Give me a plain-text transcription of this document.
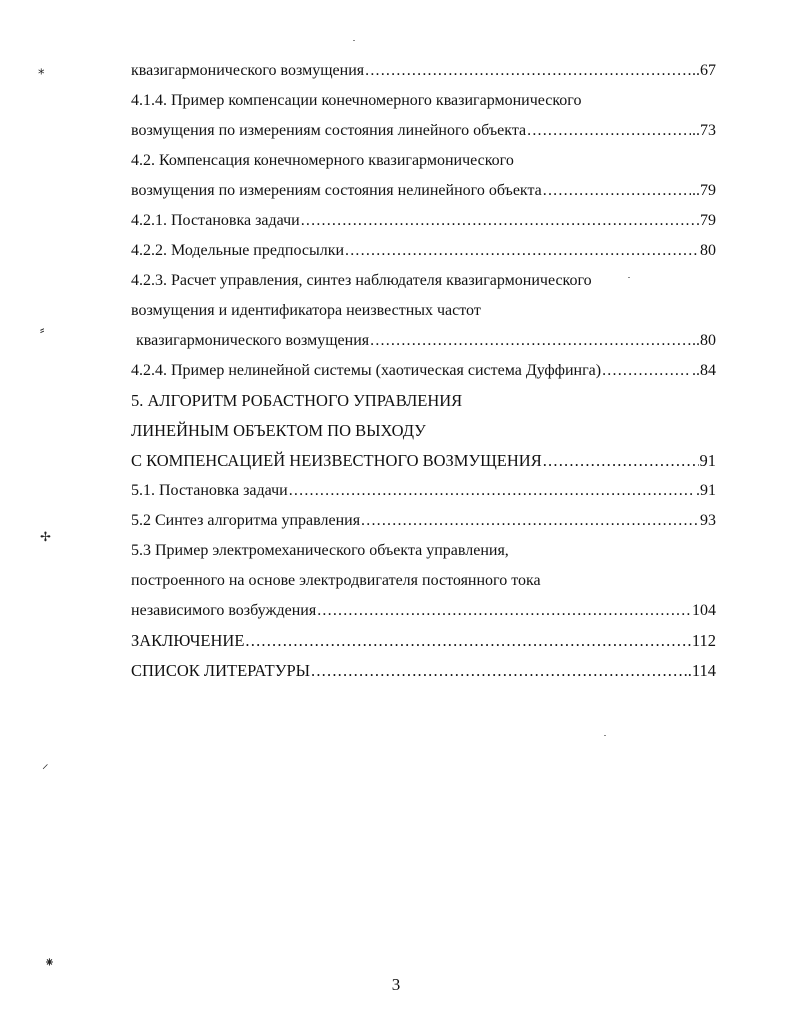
квазигармонического возмущения .....	..67
4.1.4. Пример компенсации конечномерного квазигармонического
возмущения по измерениям состояния линейного объекта .....	..73
4.2. Компенсация конечномерного квазигармонического
возмущения по измерениям состояния нелинейного объекта .....	..79
4.2.1. Постановка задачи .....	.79
4.2.2. Модельные предпосылки .....	80
4.2.3. Расчет управления, синтез наблюдателя квазигармонического
возмущения и идентификатора неизвестных частот
квазигармонического возмущения .....	..80
4.2.4. Пример нелинейной системы (хаотическая система Дуффинга) .....	..84
5. АЛГОРИТМ РОБАСТНОГО УПРАВЛЕНИЯ
ЛИНЕЙНЫМ ОБЪЕКТОМ ПО ВЫХОДУ
С КОМПЕНСАЦИЕЙ НЕИЗВЕСТНОГО ВОЗМУЩЕНИЯ .....	91
5.1. Постановка задачи .....	.91
5.2 Синтез алгоритма управления .....	93
5.3 Пример электромеханического объекта управления,
построенного на основе электродвигателя постоянного тока
независимого возбуждения .....	104
ЗАКЛЮЧЕНИЕ .....	112
СПИСОК ЛИТЕРАТУРЫ .....	..114
3
⁎
⸗
✢
⸝
⁕
